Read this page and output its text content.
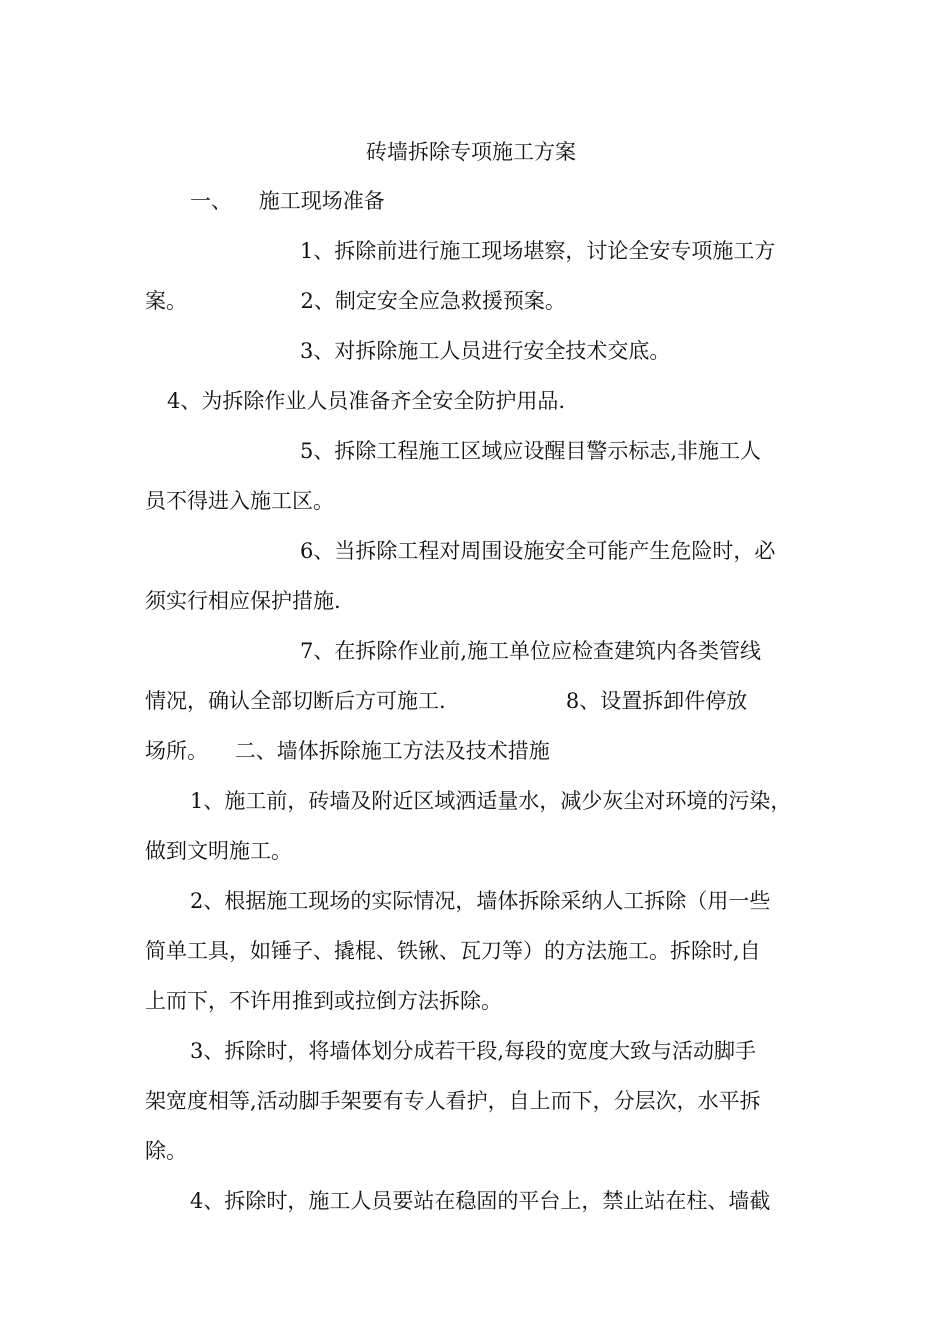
砖墙拆除专项施工方案
一、    施工现场准备
1、拆除前进行施工现场堪察，讨论全安专项施工方
案。                 2、制定安全应急救援预案。
3、对拆除施工人员进行安全技术交底。
4、为拆除作业人员准备齐全安全防护用品.
5、拆除工程施工区域应设醒目警示标志,非施工人
员不得进入施工区。
6、当拆除工程对周围设施安全可能产生危险时，必
须实行相应保护措施.
7、在拆除作业前,施工单位应检查建筑内各类管线
情况，确认全部切断后方可施工.                  8、设置拆卸件停放
场所。    二、墙体拆除施工方法及技术措施
1、施工前，砖墙及附近区域洒适量水，减少灰尘对环境的污染，
做到文明施工。
2、根据施工现场的实际情况，墙体拆除采纳人工拆除（用一些
简单工具，如锤子、撬棍、铁锹、瓦刀等）的方法施工。拆除时,自
上而下，不许用推到或拉倒方法拆除。
3、拆除时，将墙体划分成若干段,每段的宽度大致与活动脚手
架宽度相等,活动脚手架要有专人看护，自上而下，分层次，水平拆
除。
4、拆除时，施工人员要站在稳固的平台上，禁止站在柱、墙截
